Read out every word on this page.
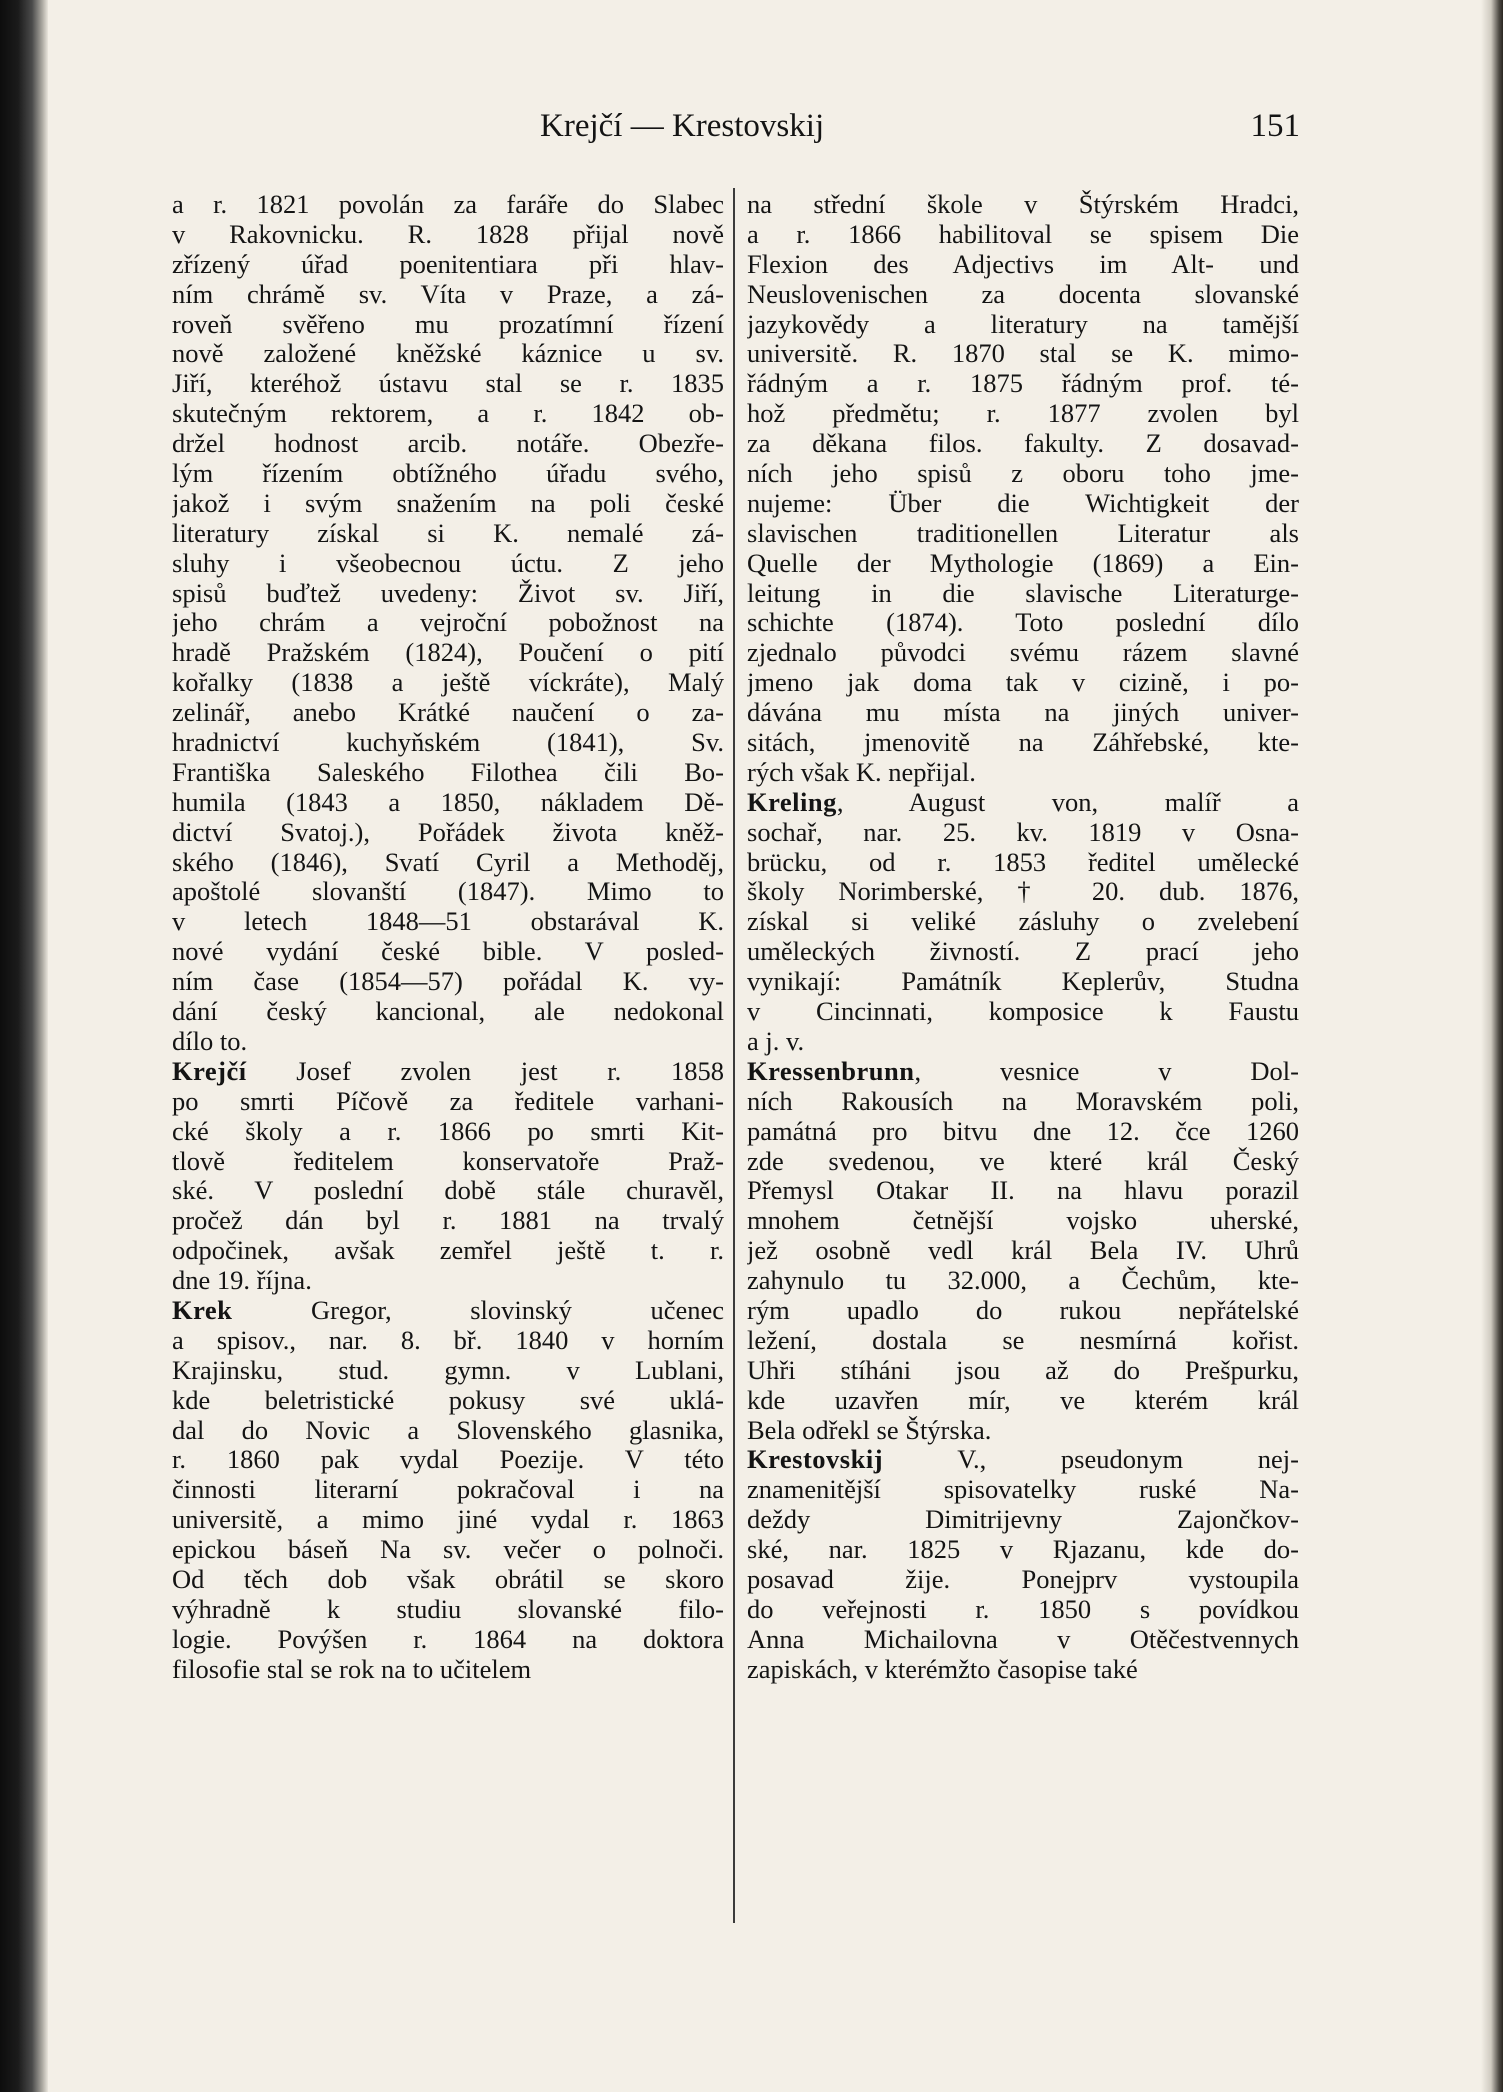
Krejčí — Krestovskij	151
a r. 1821 povolán za faráře do Slabec
v Rakovnicku. R. 1828 přijal nově
zřízený úřad poenitentiara při hlav-
ním chrámě sv. Víta v Praze, a zá-
roveň svěřeno mu prozatímní řízení
nově založené kněžské káznice u sv.
Jiří, kteréhož ústavu stal se r. 1835
skutečným rektorem, a r. 1842 ob-
držel hodnost arcib. notáře. Obezře-
lým řízením obtížného úřadu svého,
jakož i svým snažením na poli české
literatury získal si K. nemalé zá-
sluhy i všeobecnou úctu. Z jeho
spisů buďtež uvedeny: Život sv. Jiří,
jeho chrám a vejroční pobožnost na
hradě Pražském (1824), Poučení o pití
kořalky (1838 a ještě víckráte), Malý
zelinář, anebo Krátké naučení o za-
hradnictví kuchyňském (1841), Sv.
Františka Saleského Filothea čili Bo-
humila (1843 a 1850, nákladem Dě-
dictví Svatoj.), Pořádek života kněž-
ského (1846), Svatí Cyril a Methoděj,
apoštolé slovanští (1847). Mimo to
v letech 1848—51 obstarával K.
nové vydání české bible. V posled-
ním čase (1854—57) pořádal K. vy-
dání český kancional, ale nedokonal
dílo to.
Krejčí Josef zvolen jest r. 1858
po smrti Píčově za ředitele varhani-
cké školy a r. 1866 po smrti Kit-
tlově ředitelem konservatoře Praž-
ské. V poslední době stále churavěl,
pročež dán byl r. 1881 na trvalý
odpočinek, avšak zemřel ještě t. r.
dne 19. října.
Krek Gregor, slovinský učenec
a spisov., nar. 8. bř. 1840 v horním
Krajinsku, stud. gymn. v Lublani,
kde beletristické pokusy své uklá-
dal do Novic a Slovenského glasnika,
r. 1860 pak vydal Poezije. V této
činnosti literarní pokračoval i na
universitě, a mimo jiné vydal r. 1863
epickou báseň Na sv. večer o polnoči.
Od těch dob však obrátil se skoro
výhradně k studiu slovanské filo-
logie. Povýšen r. 1864 na doktora
filosofie stal se rok na to učitelem
na střední škole v Štýrském Hradci,
a r. 1866 habilitoval se spisem Die
Flexion des Adjectivs im Alt- und
Neuslovenischen za docenta slovanské
jazykovědy a literatury na tamější
universitě. R. 1870 stal se K. mimo-
řádným a r. 1875 řádným prof. té-
hož předmětu; r. 1877 zvolen byl
za děkana filos. fakulty. Z dosavad-
ních jeho spisů z oboru toho jme-
nujeme: Über die Wichtigkeit der
slavischen traditionellen Literatur als
Quelle der Mythologie (1869) a Ein-
leitung in die slavische Literaturge-
schichte (1874). Toto poslední dílo
zjednalo původci svému rázem slavné
jmeno jak doma tak v cizině, i po-
dávána mu místa na jiných univer-
sitách, jmenovitě na Záhřebské, kte-
rých však K. nepřijal.
Kreling, August von, malíř a
sochař, nar. 25. kv. 1819 v Osna-
brücku, od r. 1853 ředitel umělecké
školy Norimberské, † 20. dub. 1876,
získal si veliké zásluhy o zvelebení
uměleckých živností. Z prací jeho
vynikají: Památník Keplerův, Studna
v Cincinnati, komposice k Faustu
a j. v.
Kressenbrunn, vesnice v Dol-
ních Rakousích na Moravském poli,
památná pro bitvu dne 12. čce 1260
zde svedenou, ve které král Český
Přemysl Otakar II. na hlavu porazil
mnohem četnější vojsko uherské,
jež osobně vedl král Bela IV. Uhrů
zahynulo tu 32.000, a Čechům, kte-
rým upadlo do rukou nepřátelské
ležení, dostala se nesmírná kořist.
Uhři stíháni jsou až do Prešpurku,
kde uzavřen mír, ve kterém král
Bela odřekl se Štýrska.
Krestovskij V., pseudonym nej-
znamenitější spisovatelky ruské Na-
deždy Dimitrijevny Zajončkov-
ské, nar. 1825 v Rjazanu, kde do-
posavad žije. Ponejprv vystoupila
do veřejnosti r. 1850 s povídkou
Anna Michailovna v Otěčestvennych
zapiskách, v kterémžto časopise také
